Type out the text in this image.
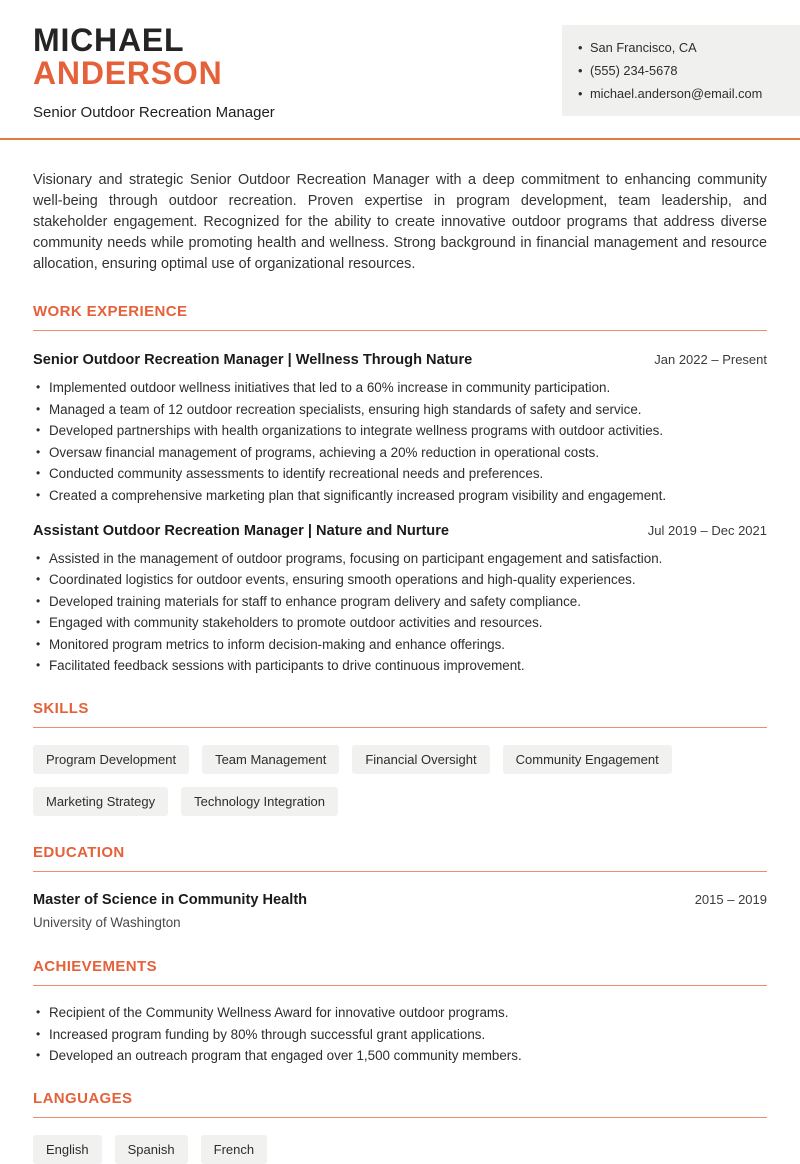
MICHAEL
ANDERSON
Senior Outdoor Recreation Manager
• San Francisco, CA
• (555) 234-5678
• michael.anderson@email.com
Visionary and strategic Senior Outdoor Recreation Manager with a deep commitment to enhancing community well-being through outdoor recreation. Proven expertise in program development, team leadership, and stakeholder engagement. Recognized for the ability to create innovative outdoor programs that address diverse community needs while promoting health and wellness. Strong background in financial management and resource allocation, ensuring optimal use of organizational resources.
WORK EXPERIENCE
Senior Outdoor Recreation Manager | Wellness Through Nature	Jan 2022 – Present
• Implemented outdoor wellness initiatives that led to a 60% increase in community participation.
• Managed a team of 12 outdoor recreation specialists, ensuring high standards of safety and service.
• Developed partnerships with health organizations to integrate wellness programs with outdoor activities.
• Oversaw financial management of programs, achieving a 20% reduction in operational costs.
• Conducted community assessments to identify recreational needs and preferences.
• Created a comprehensive marketing plan that significantly increased program visibility and engagement.
Assistant Outdoor Recreation Manager | Nature and Nurture	Jul 2019 – Dec 2021
• Assisted in the management of outdoor programs, focusing on participant engagement and satisfaction.
• Coordinated logistics for outdoor events, ensuring smooth operations and high-quality experiences.
• Developed training materials for staff to enhance program delivery and safety compliance.
• Engaged with community stakeholders to promote outdoor activities and resources.
• Monitored program metrics to inform decision-making and enhance offerings.
• Facilitated feedback sessions with participants to drive continuous improvement.
SKILLS
Program Development	Team Management	Financial Oversight	Community Engagement
Marketing Strategy	Technology Integration
EDUCATION
Master of Science in Community Health	2015 – 2019
University of Washington
ACHIEVEMENTS
• Recipient of the Community Wellness Award for innovative outdoor programs.
• Increased program funding by 80% through successful grant applications.
• Developed an outreach program that engaged over 1,500 community members.
LANGUAGES
English	Spanish	French
